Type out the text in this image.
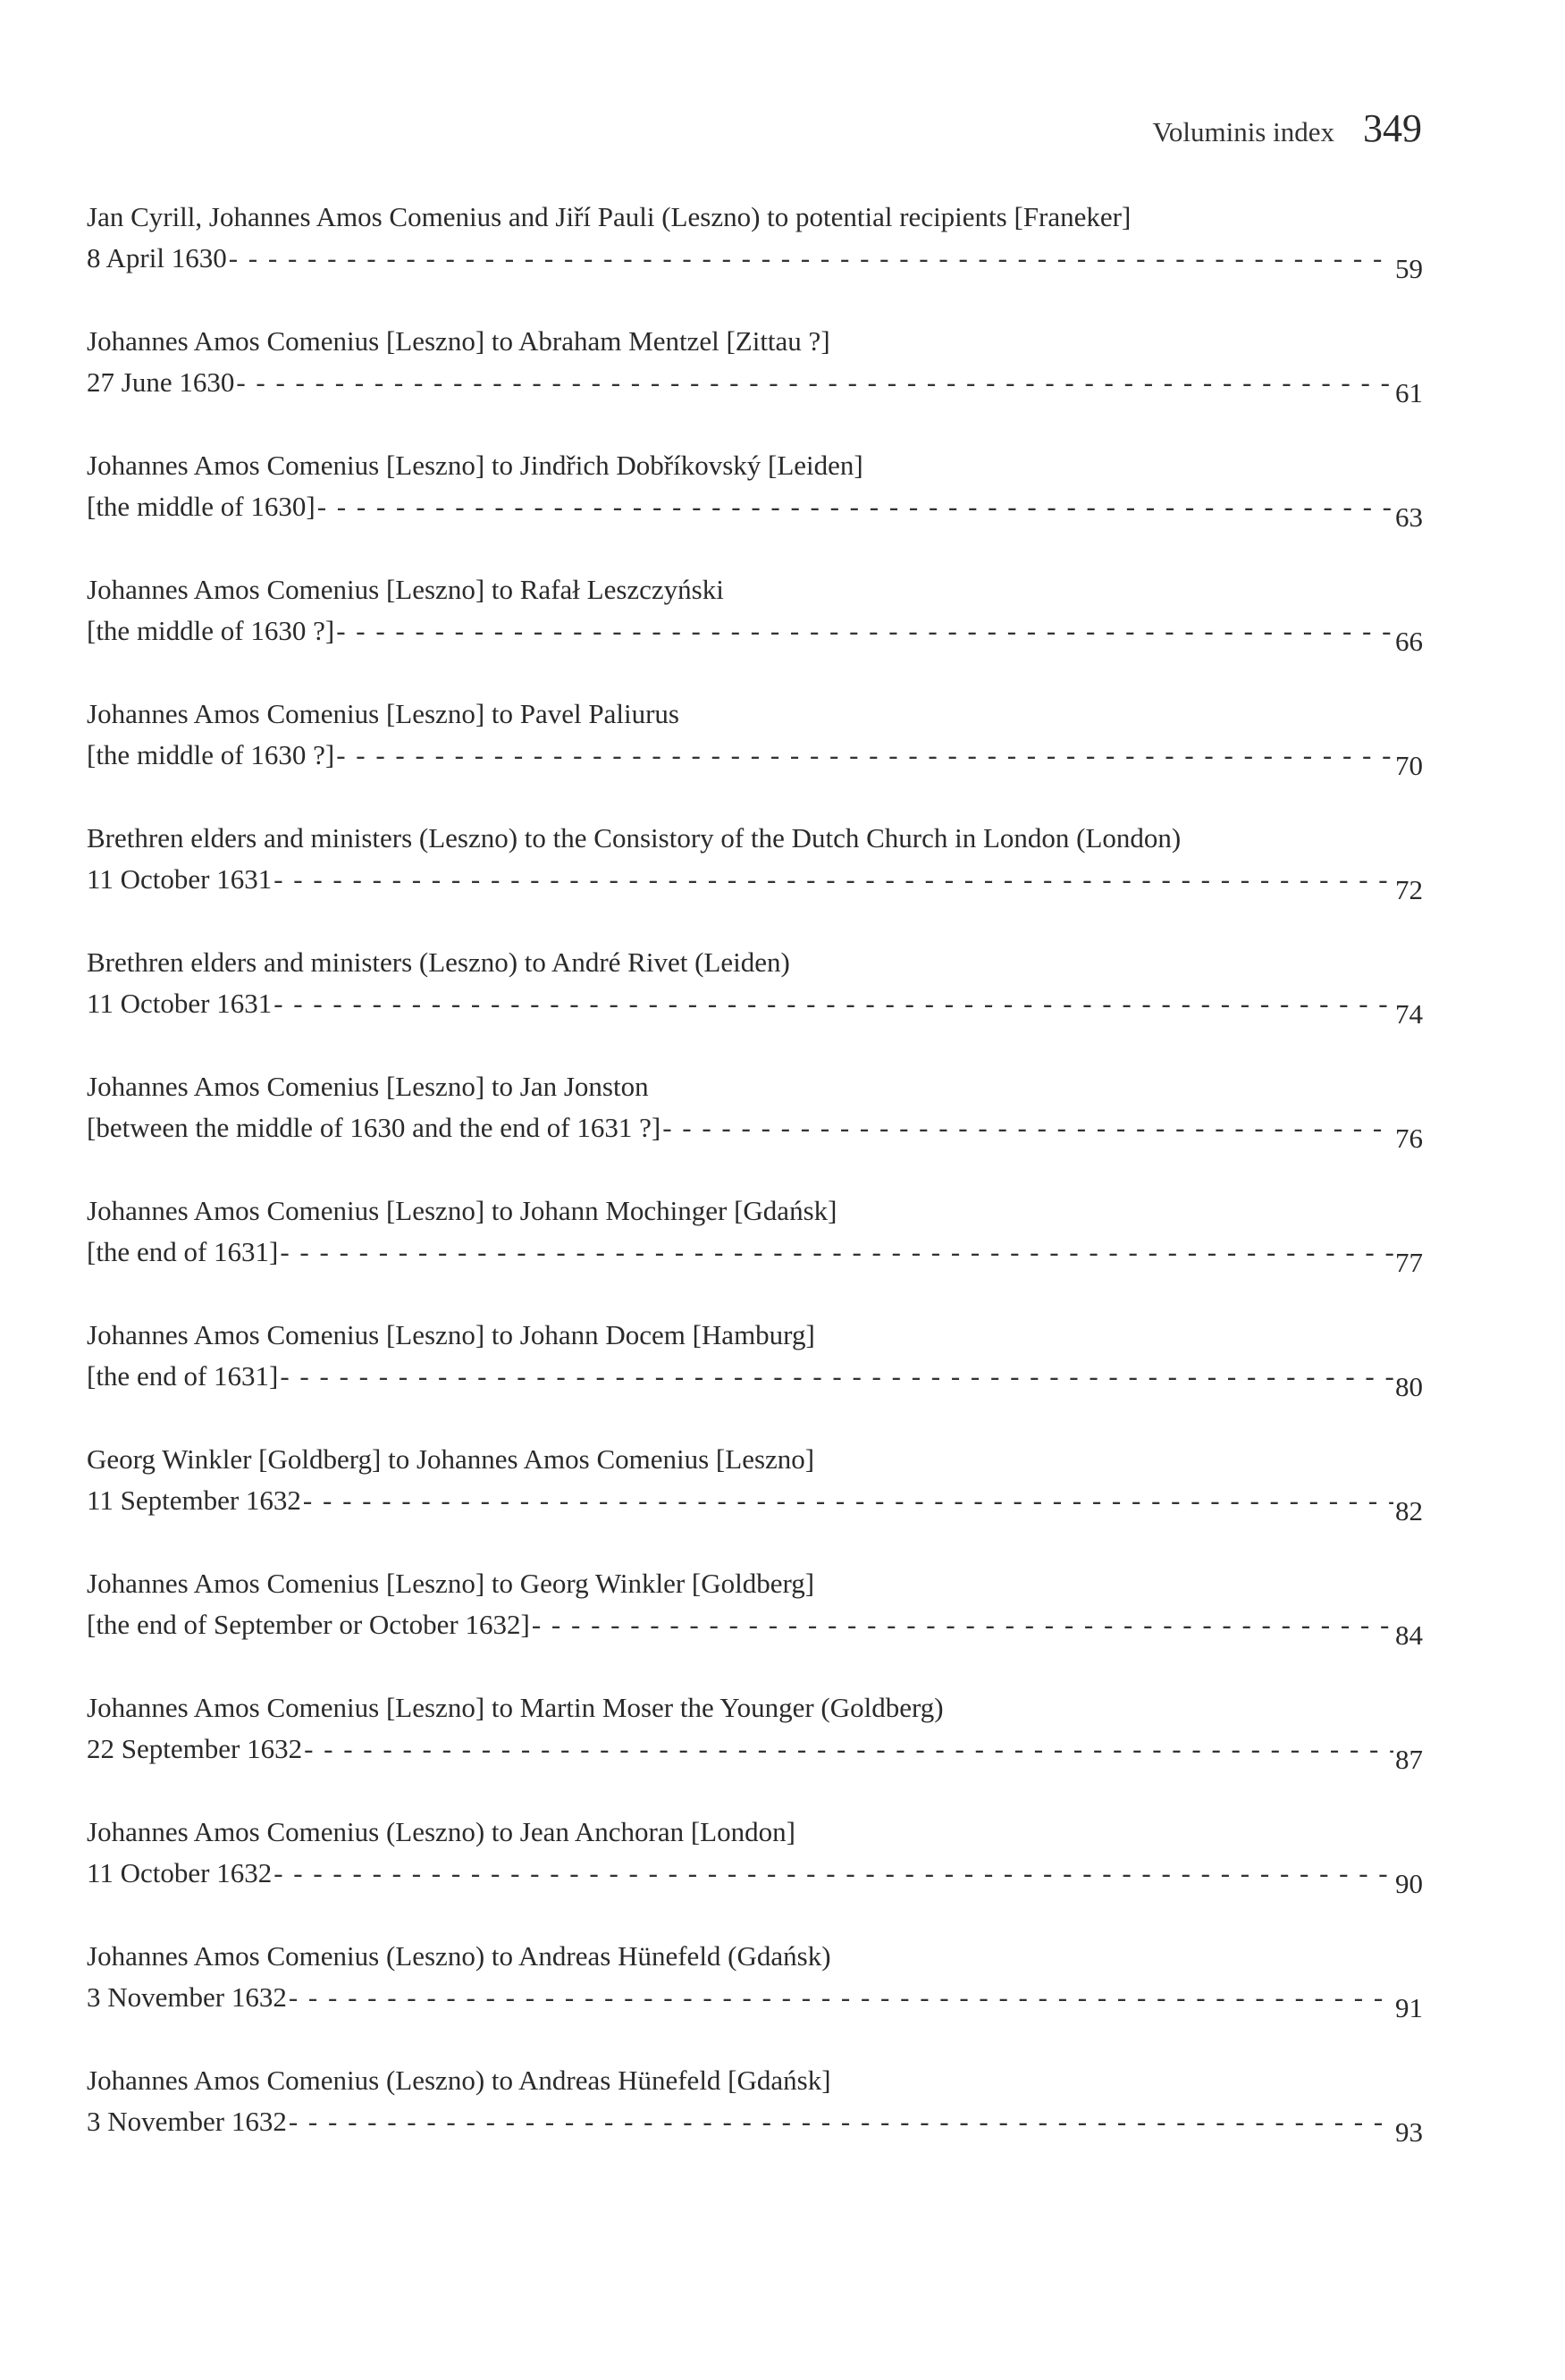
Voluminis index 349
Jan Cyrill, Johannes Amos Comenius and Jiří Pauli (Leszno) to potential recipients [Franeker]
8 April 1630 - - -	59
Johannes Amos Comenius [Leszno] to Abraham Mentzel [Zittau ?]
27 June 1630 - - -	61
Johannes Amos Comenius [Leszno] to Jindřich Dobříkovský [Leiden]
[the middle of 1630] - - -	63
Johannes Amos Comenius [Leszno] to Rafał Leszczyński
[the middle of 1630 ?] - - -	66
Johannes Amos Comenius [Leszno] to Pavel Paliurus
[the middle of 1630 ?] - - -	70
Brethren elders and ministers (Leszno) to the Consistory of the Dutch Church in London (London)
11 October 1631 - - -	72
Brethren elders and ministers (Leszno) to André Rivet (Leiden)
11 October 1631 - - -	74
Johannes Amos Comenius [Leszno] to Jan Jonston
[between the middle of 1630 and the end of 1631 ?] - - -	76
Johannes Amos Comenius [Leszno] to Johann Mochinger [Gdańsk]
[the end of 1631] - - -	77
Johannes Amos Comenius [Leszno] to Johann Docem [Hamburg]
[the end of 1631] - - -	80
Georg Winkler [Goldberg] to Johannes Amos Comenius [Leszno]
11 September 1632 - - -	82
Johannes Amos Comenius [Leszno] to Georg Winkler [Goldberg]
[the end of September or October 1632] - - -	84
Johannes Amos Comenius [Leszno] to Martin Moser the Younger (Goldberg)
22 September 1632 - - -	87
Johannes Amos Comenius (Leszno) to Jean Anchoran [London]
11 October 1632 - - -	90
Johannes Amos Comenius (Leszno) to Andreas Hünefeld (Gdańsk)
3 November 1632 - - -	91
Johannes Amos Comenius (Leszno) to Andreas Hünefeld [Gdańsk]
3 November 1632 - - -	93
